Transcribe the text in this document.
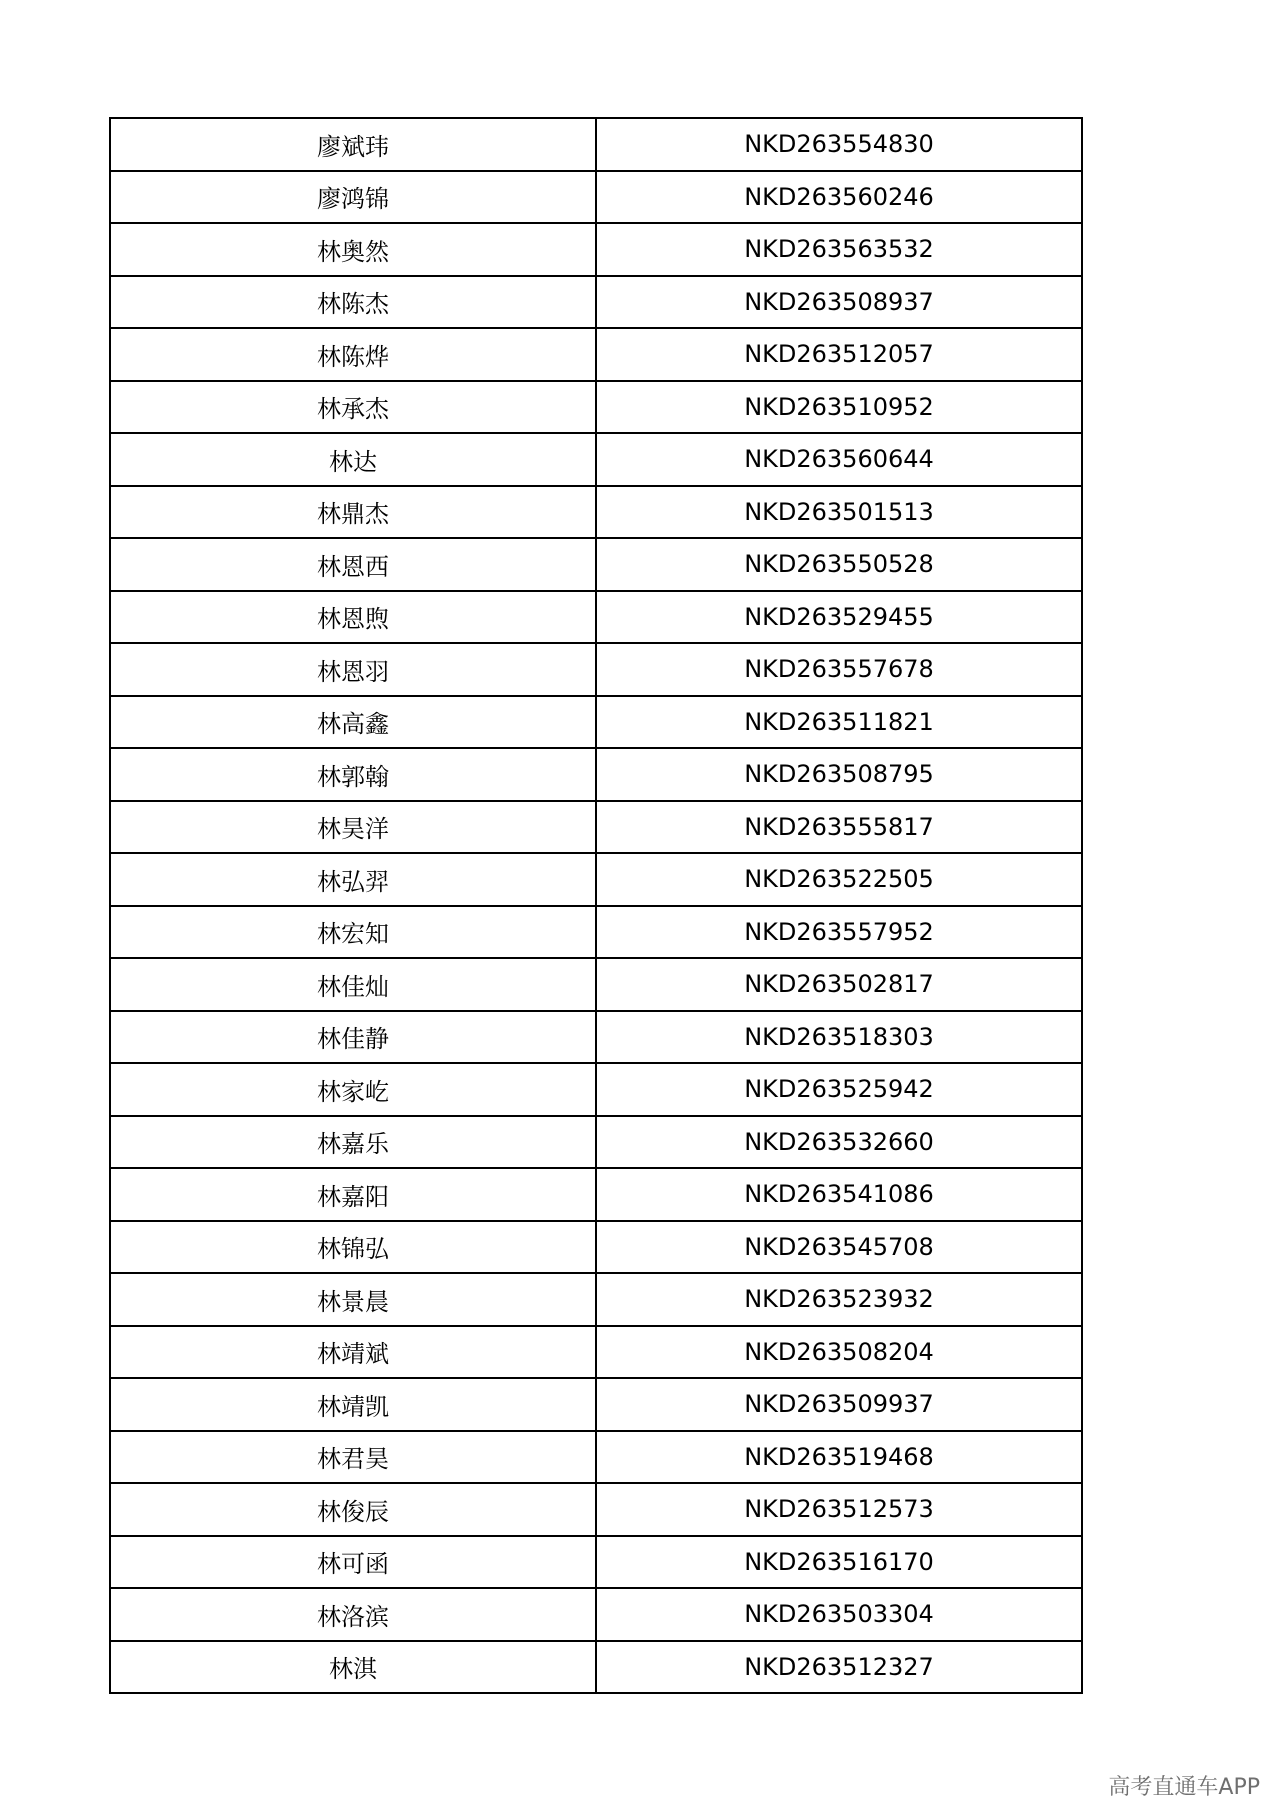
廖斌玮	NKD263554830
廖鸿锦	NKD263560246
林奥然	NKD263563532
林陈杰	NKD263508937
林陈烨	NKD263512057
林承杰	NKD263510952
林达	NKD263560644
林鼎杰	NKD263501513
林恩西	NKD263550528
林恩煦	NKD263529455
林恩羽	NKD263557678
林高鑫	NKD263511821
林郭翰	NKD263508795
林昊洋	NKD263555817
林弘羿	NKD263522505
林宏知	NKD263557952
林佳灿	NKD263502817
林佳静	NKD263518303
林家屹	NKD263525942
林嘉乐	NKD263532660
林嘉阳	NKD263541086
林锦弘	NKD263545708
林景晨	NKD263523932
林靖斌	NKD263508204
林靖凯	NKD263509937
林君昊	NKD263519468
林俊辰	NKD263512573
林可函	NKD263516170
林洛滨	NKD263503304
林淇	NKD263512327
高考直通车APP
